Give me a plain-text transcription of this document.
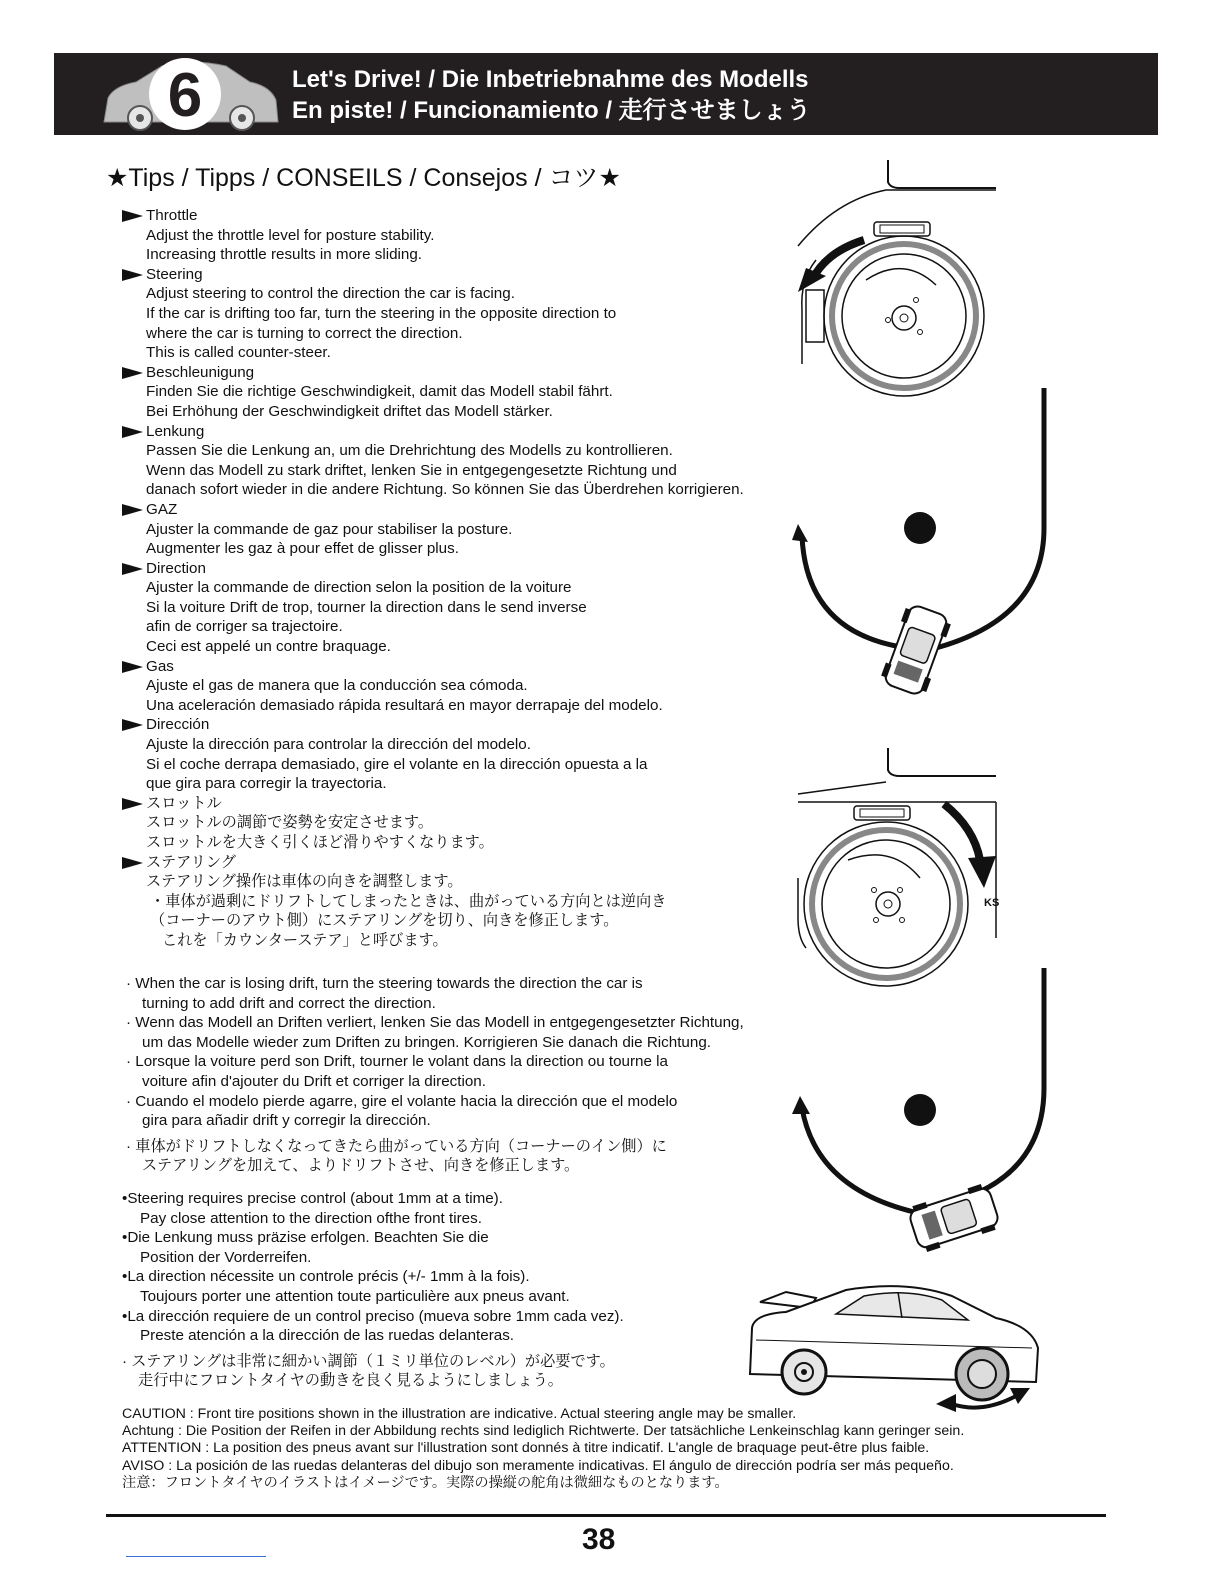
6	Let's Drive! / Die Inbetriebnahme des Modells
En piste! / Funcionamiento / 走行させましょう
★Tips / Tipps / CONSEILS / Consejos / コツ★
Throttle
Adjust the throttle level for posture stability.
Increasing throttle results in more sliding.
Steering
Adjust steering to control the direction the car is facing.
If the car is drifting too far, turn the steering in the opposite direction to
where the car is turning to correct the direction.
This is called counter-steer.
Beschleunigung
Finden Sie die richtige Geschwindigkeit, damit das Modell stabil fährt.
Bei Erhöhung der Geschwindigkeit driftet das Modell stärker.
Lenkung
Passen Sie die Lenkung an, um die Drehrichtung des Modells zu kontrollieren.
Wenn das Modell zu stark driftet, lenken Sie in entgegengesetzte Richtung und
danach sofort wieder in die andere Richtung. So können Sie das Überdrehen korrigieren.
GAZ
Ajuster la commande de gaz pour stabiliser la posture.
Augmenter les gaz à pour effet de glisser plus.
Direction
Ajuster la commande de direction selon la position de la voiture
Si la voiture Drift de trop, tourner la direction dans le send inverse
afin de corriger sa trajectoire.
Ceci est appelé un contre braquage.
Gas
Ajuste el gas de manera que la conducción sea cómoda.
Una aceleración demasiado rápida resultará en mayor derrapaje del modelo.
Dirección
Ajuste la dirección para controlar la dirección del modelo.
Si el coche derrapa demasiado, gire el volante en la dirección opuesta a la
que gira para corregir la trayectoria.
スロットル
スロットルの調節で姿勢を安定させます。
スロットルを大きく引くほど滑りやすくなります。
ステアリング
ステアリング操作は車体の向きを調整します。
・車体が過剰にドリフトしてしまったときは、曲がっている方向とは逆向き
（コーナーのアウト側）にステアリングを切り、向きを修正します。
これを「カウンターステア」と呼びます。
· When the car is losing drift, turn the steering towards the direction the car is
turning to add drift and correct the direction.
· Wenn das Modell an Driften verliert, lenken Sie das Modell in entgegengesetzter Richtung,
um das Modelle wieder zum Driften zu bringen. Korrigieren Sie danach die Richtung.
· Lorsque la voiture perd son Drift, tourner le volant dans la direction ou tourne la
voiture afin d'ajouter du Drift et corriger la direction.
· Cuando el modelo pierde agarre, gire el volante hacia la dirección que el modelo
gira para añadir drift y corregir la dirección.
· 車体がドリフトしなくなってきたら曲がっている方向（コーナーのイン側）に
ステアリングを加えて、よりドリフトさせ、向きを修正します。
•Steering requires precise control (about 1mm at a time).
Pay close attention to the direction ofthe front tires.
•Die Lenkung muss präzise erfolgen. Beachten Sie die
Position der Vorderreifen.
•La direction nécessite un controle précis (+/- 1mm à la fois).
Toujours porter une attention toute particulière aux pneus avant.
•La dirección requiere de un control preciso (mueva sobre 1mm cada vez).
Preste atención a la dirección de las ruedas delanteras.
· ステアリングは非常に細かい調節（１ミリ単位のレベル）が必要です。
走行中にフロントタイヤの動きを良く見るようにしましょう。
CAUTION : Front tire positions shown in the illustration are indicative. Actual steering angle may be smaller.
Achtung : Die Position der Reifen in der Abbildung rechts sind lediglich Richtwerte. Der tatsächliche Lenkeinschlag kann geringer sein.
ATTENTION : La position des pneus avant sur l'illustration sont donnés à titre indicatif. L'angle de braquage peut-être plus faible.
AVISO : La posición de las ruedas delanteras del dibujo son meramente indicativas. El ángulo de dirección podría ser más pequeño.
注意：フロントタイヤのイラストはイメージです。実際の操縦の舵角は微細なものとなります。
KS
38
